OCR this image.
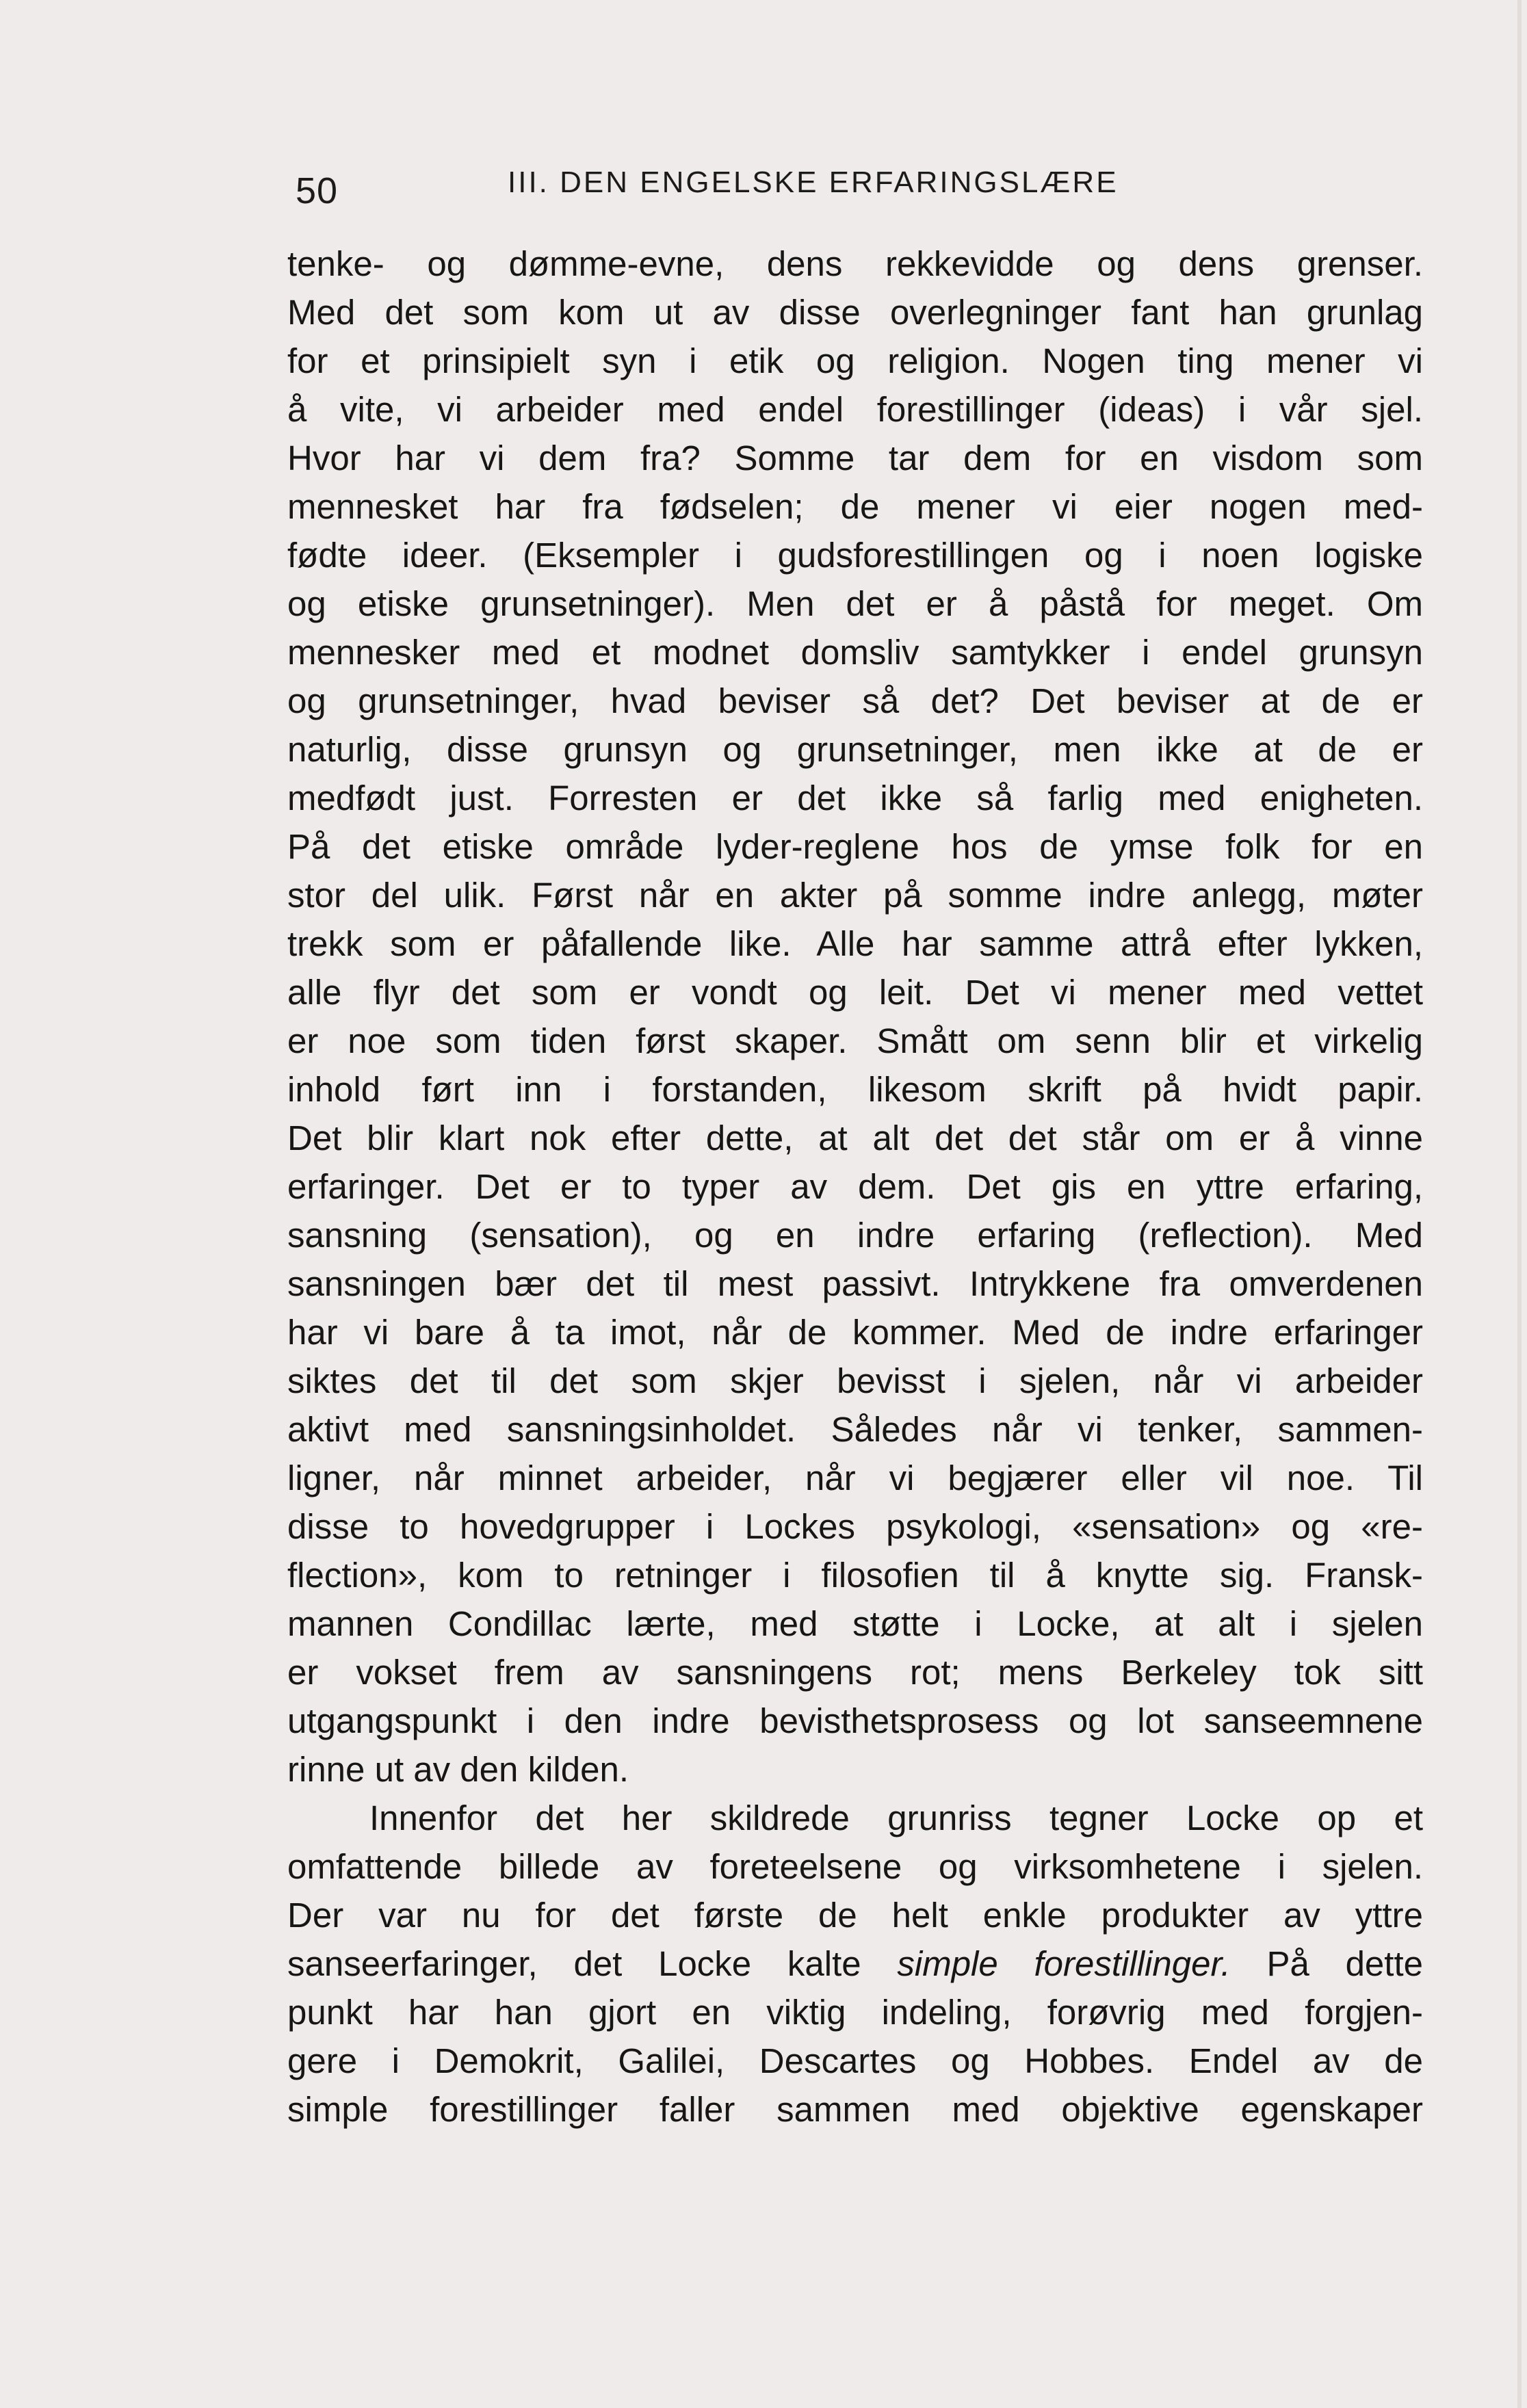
50	III. DEN ENGELSKE ERFARINGSLÆRE
tenke- og dømme-evne, dens rekkevidde og dens grenser.
Med det som kom ut av disse overlegninger fant han grunlag
for et prinsipielt syn i etik og religion. Nogen ting mener vi
å vite, vi arbeider med endel forestillinger (ideas) i vår sjel.
Hvor har vi dem fra? Somme tar dem for en visdom som
mennesket har fra fødselen; de mener vi eier nogen med-
fødte ideer. (Eksempler i gudsforestillingen og i noen logiske
og etiske grunsetninger). Men det er å påstå for meget. Om
mennesker med et modnet domsliv samtykker i endel grunsyn
og grunsetninger, hvad beviser så det? Det beviser at de er
naturlig, disse grunsyn og grunsetninger, men ikke at de er
medfødt just. Forresten er det ikke så farlig med enigheten.
På det etiske område lyder-reglene hos de ymse folk for en
stor del ulik. Først når en akter på somme indre anlegg, møter
trekk som er påfallende like. Alle har samme attrå efter lykken,
alle flyr det som er vondt og leit. Det vi mener med vettet
er noe som tiden først skaper. Smått om senn blir et virkelig
inhold ført inn i forstanden, likesom skrift på hvidt papir.
Det blir klart nok efter dette, at alt det det står om er å vinne
erfaringer. Det er to typer av dem. Det gis en yttre erfaring,
sansning (sensation), og en indre erfaring (reflection). Med
sansningen bær det til mest passivt. Intrykkene fra omverdenen
har vi bare å ta imot, når de kommer. Med de indre erfaringer
siktes det til det som skjer bevisst i sjelen, når vi arbeider
aktivt med sansningsinholdet. Således når vi tenker, sammen-
ligner, når minnet arbeider, når vi begjærer eller vil noe. Til
disse to hovedgrupper i Lockes psykologi, «sensation» og «re-
flection», kom to retninger i filosofien til å knytte sig. Fransk-
mannen Condillac lærte, med støtte i Locke, at alt i sjelen
er vokset frem av sansningens rot; mens Berkeley tok sitt
utgangspunkt i den indre bevisthetsprosess og lot sanseemnene
rinne ut av den kilden.
Innenfor det her skildrede grunriss tegner Locke op et
omfattende billede av foreteelsene og virksomhetene i sjelen.
Der var nu for det første de helt enkle produkter av yttre
sanseerfaringer, det Locke kalte simple forestillinger. På dette
punkt har han gjort en viktig indeling, forøvrig med forgjen-
gere i Demokrit, Galilei, Descartes og Hobbes. Endel av de
simple forestillinger faller sammen med objektive egenskaper
